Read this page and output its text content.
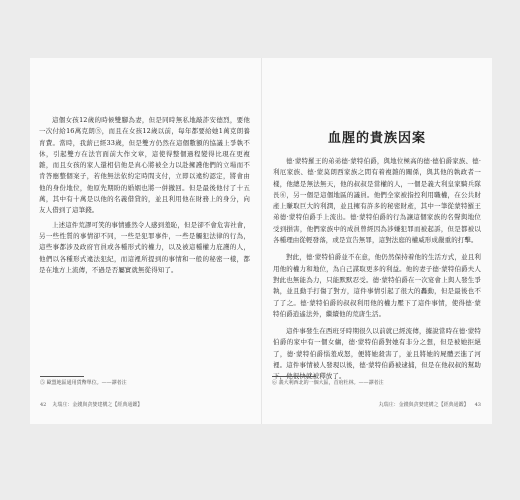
這個女孩12歲的時候雙腳為妻，但是同時無私地敲詐安德烈，要他一次付給16萬克朗⑤，而且在女孩12歲以前，每年都要給她1萬克朗養育費。當時，我薪已經33歲，但是雙方仍然在這個數額的協議上爭執不休，引起雙方在法官面前大作文章，這使得整個過程變得比現在更複雜，而且女孩的家人還相信他是真心將被全力以赴擁護他們的立場而不肯答應整個案子，若他無法依約定時間支付，立即以違約認定，將會由他的身份地位，他原先期盼的婚姻也將一併撤回。但是最後他付了十五萬，其中有十萬是以他的名義借貸的，並且利用他在財務上的身分，向友人借到了這筆錢。

上述這件荒謬可笑的事情雖然令人感到羞恥，但是卻不會危害社會，另一些性質的事情卻不同，一些是犯罪事件，一些是觸犯法律的行為，這些事都涉及政府官員或各種形式的權力，以及被這種權力庇護的人，他們以各種形式違法犯紀，而這裡所提到的事情和一般的秘密一樣，都是在地方上流傳，不過是否屬實就無從得知了。

⑤ 歐盟地區通用貨幣單位。——譯者注

42 丸瑞庄：金錢與貪婪建構之【經典通鑑】
血腥的貴族因案

德·蒙特羅王的弟弟德·蒙特伯爵，與地位極高的德·德伯爵家族、德·利厄家族、德·蒙莫朗西家族之間有着複雜的關係，與其他的執政者一樣，他總是無法無天，他的叔叔是當權的人，一個是義大利皇家騎兵隊長⑥，另一個是這個地區的議員。他們全家被指控利用職權，在公共財產上賺取巨大的利潤，並且擁有許多的秘密財產，其中一筆從蒙特羅王弟德·蒙特伯爵手上流出。德·蒙特伯爵的行為讓這個家族的名聲與地位受到損害，他們家族中的成員曾經因為涉嫌犯罪而被起訴，但是都被以各種理由從輕發落，或是宣告無罪，這對法庭的權威形成嚴重的打擊。

對此，德·蒙特伯爵並不在意，他仍然保持着他的生活方式，並且利用他的權力和地位，為自己謀取更多的利益。他的妻子德·蒙特伯爵夫人對此也無能為力，只能默默忍受。德·蒙特伯爵在一次宴會上與人發生爭執，並且動手打傷了對方，這件事情引起了很大的轟動，但是最後也不了了之。德·蒙特伯爵的叔叔利用他的權力壓下了這件事情，使得德·蒙特伯爵逍遙法外，繼續他的荒唐生活。

這件事發生在西班牙時期很久以前就已經流傳，據說當時在德·蒙特伯爵的家中有一個女傭，德·蒙特伯爵對她有非分之想，但是被她拒絕了，德·蒙特伯爵惱羞成怒，便將她殺害了，並且將她的屍體丟進了河裡。這件事情被人發現以後，德·蒙特伯爵被逮捕，但是在他叔叔的幫助下，他很快就被釋放了。

⑥ 義大利西北的一個大區，首府杜林。——譯者注

丸瑞庄：金錢與貪婪建構之【經典通鑑】 43
